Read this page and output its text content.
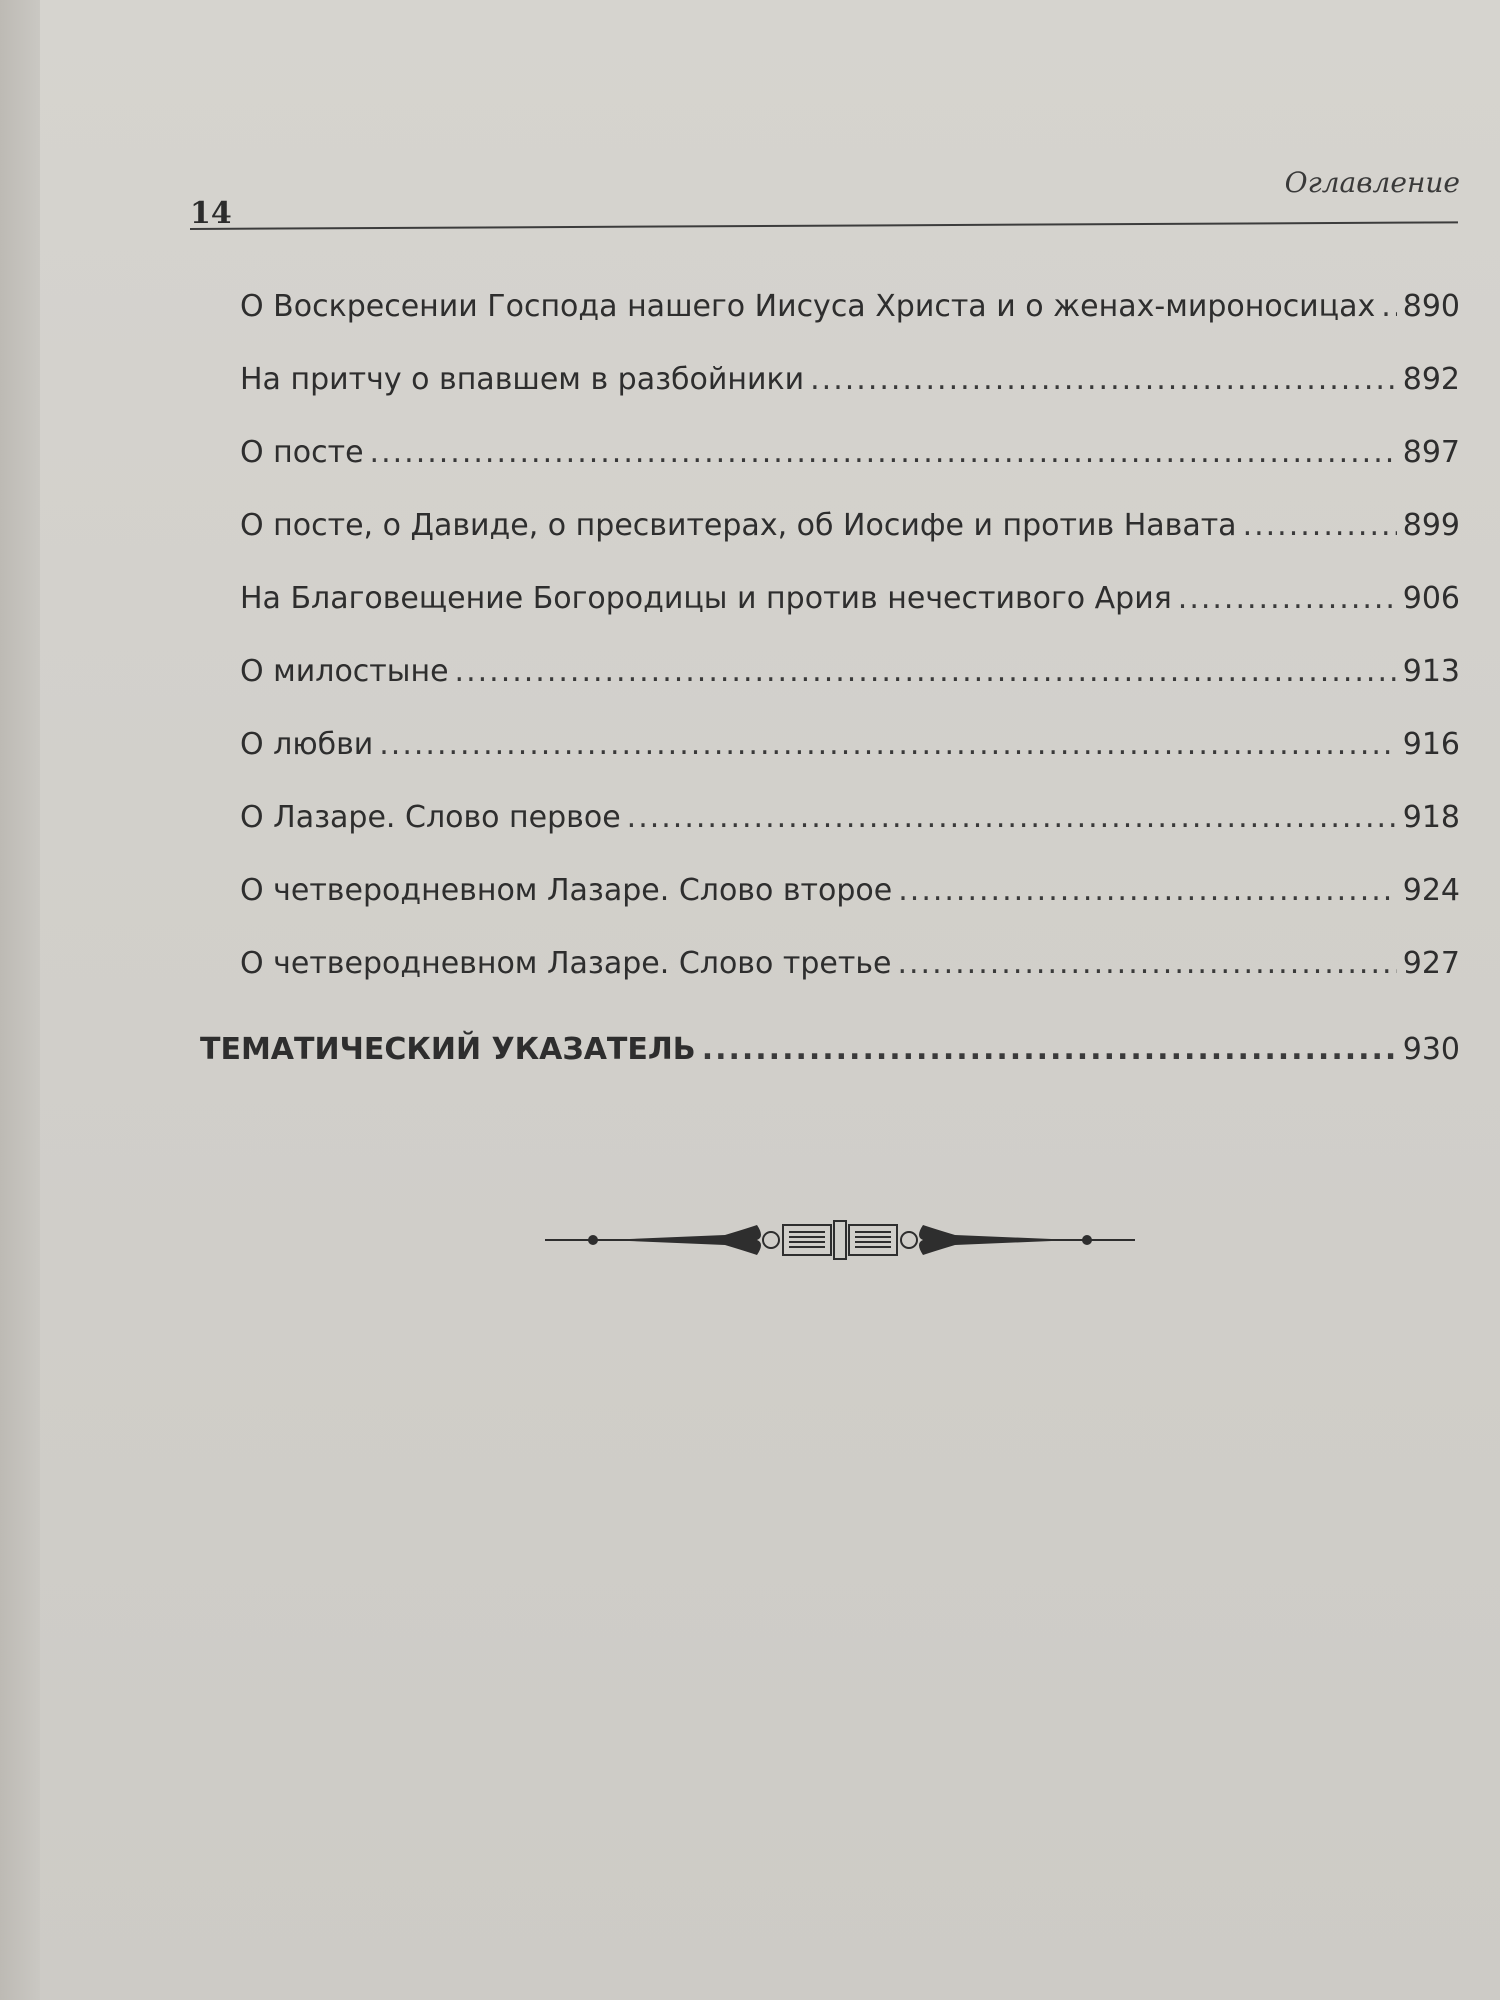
14
Оглавление
О Воскресении Господа нашего Иисуса Христа и о женах-мироносицах ..... 890
На притчу о впавшем в разбойники .....	892
О посте .....	897
О посте, о Давиде, о пресвитерах, об Иосифе и против Навата .....	899
На Благовещение Богородицы и против нечестивого Ария .....	906
О милостыне .....	913
О любви .....	916
О Лазаре. Слово первое .....	918
О четверодневном Лазаре. Слово второе .....	924
О четверодневном Лазаре. Слово третье .....	927
ТЕМАТИЧЕСКИЙ УКАЗАТЕЛЬ .....	930
